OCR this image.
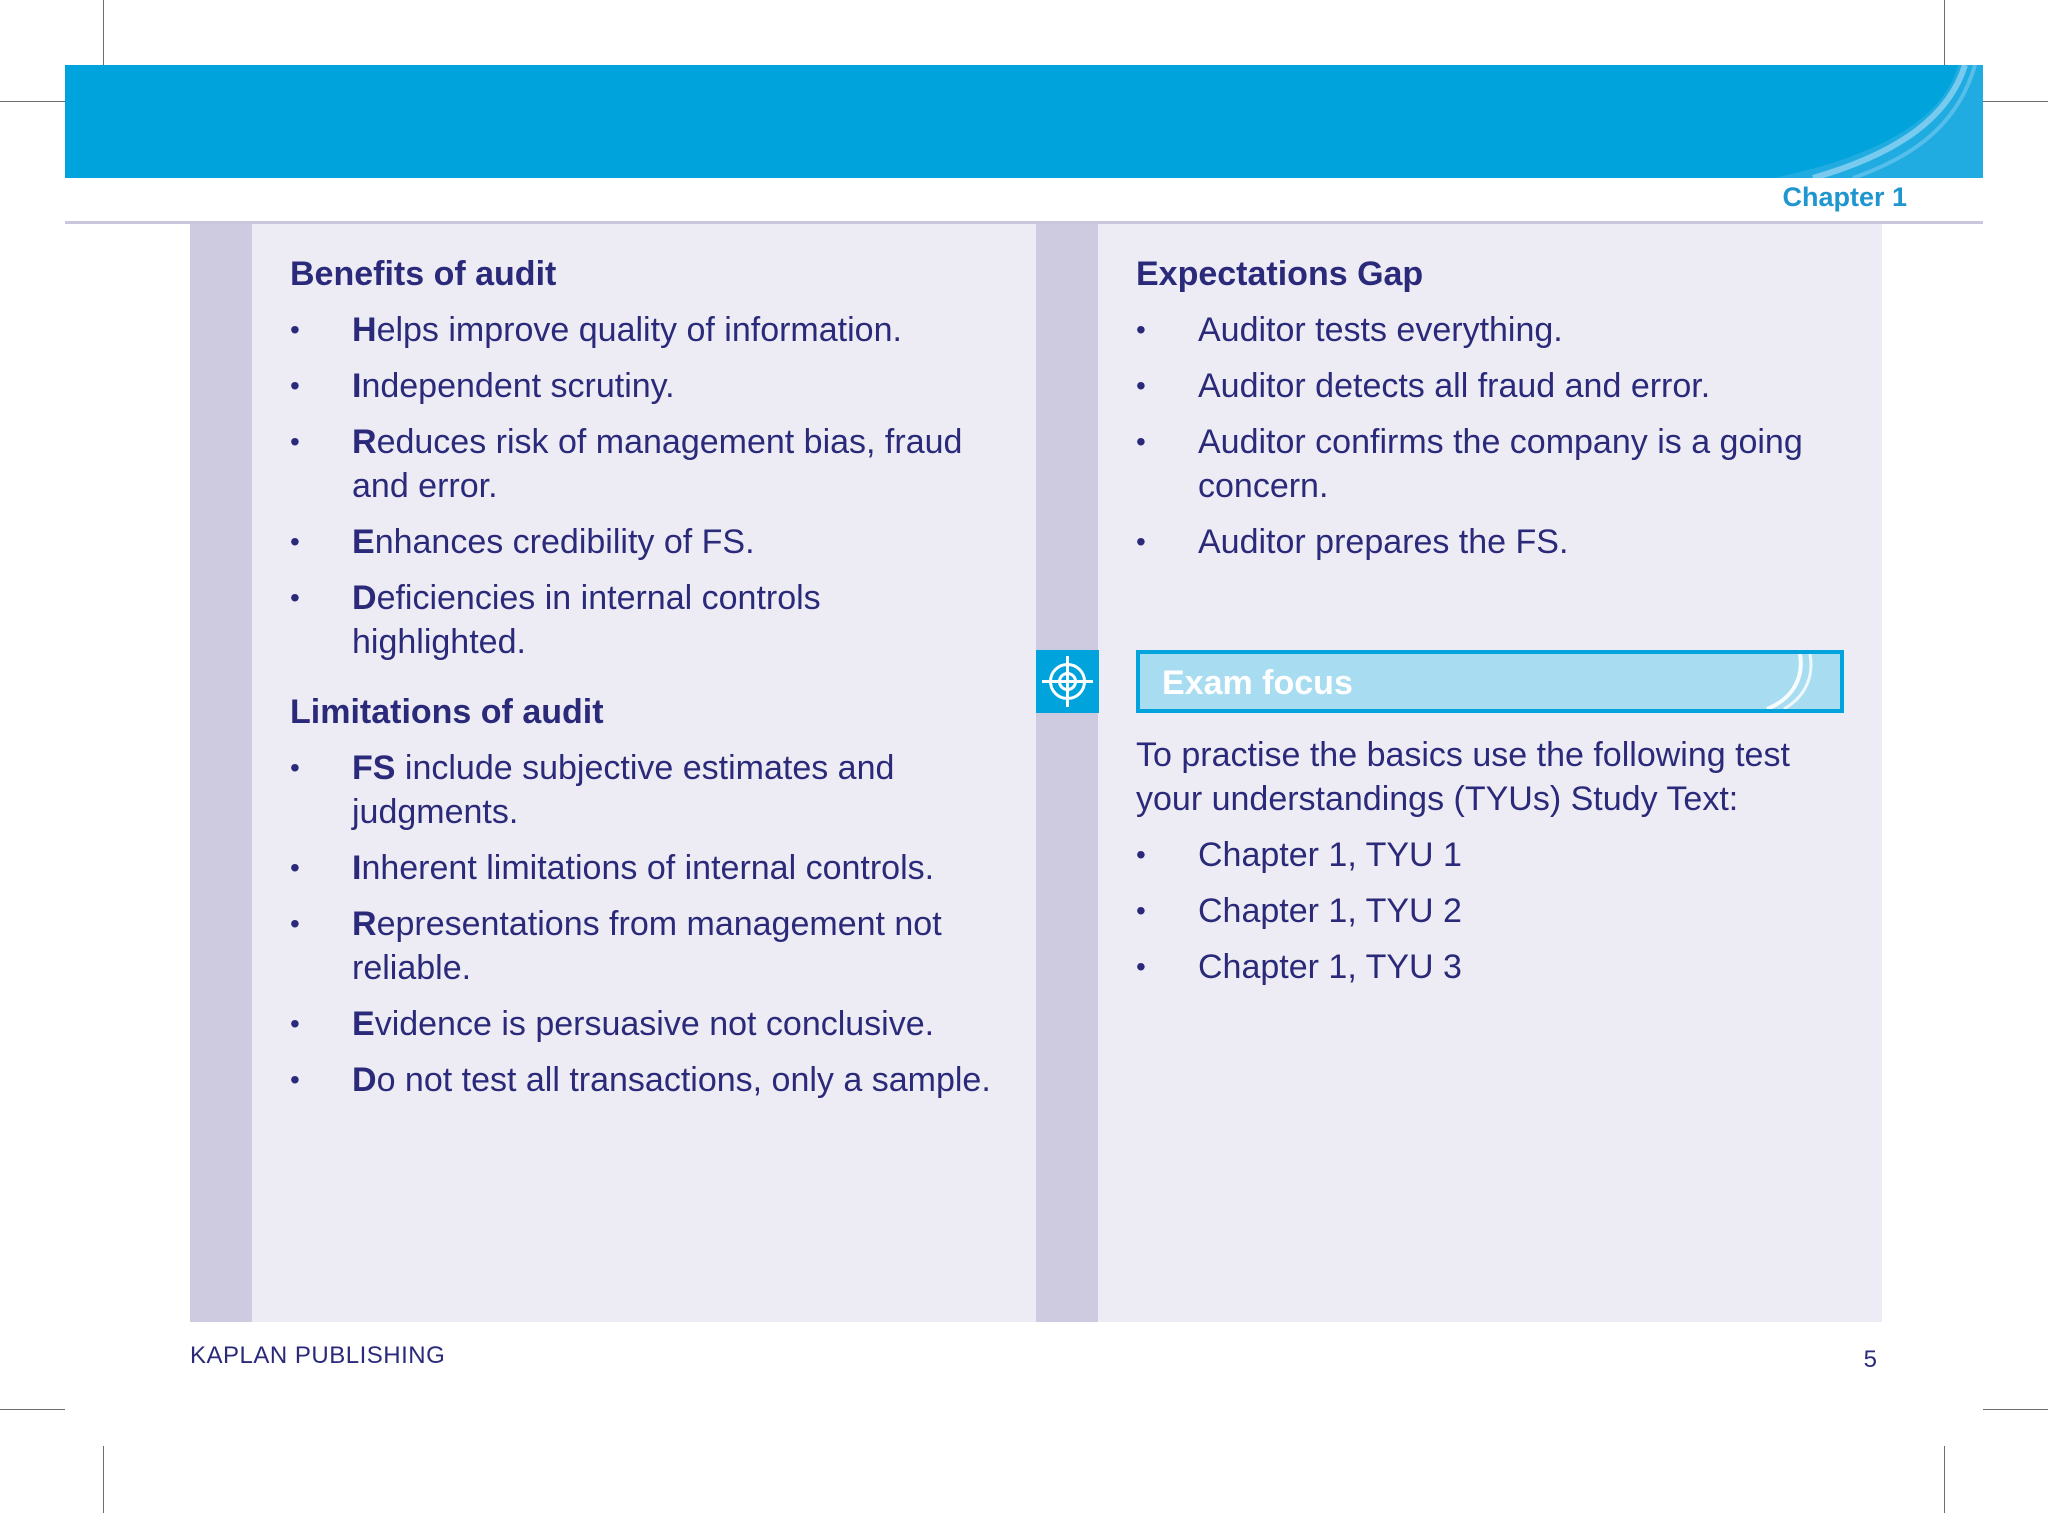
Chapter 1
Benefits of audit
• Helps improve quality of information.
• Independent scrutiny.
• Reduces risk of management bias, fraud and error.
• Enhances credibility of FS.
• Deficiencies in internal controls highlighted.
Limitations of audit
• FS include subjective estimates and judgments.
• Inherent limitations of internal controls.
• Representations from management not reliable.
• Evidence is persuasive not conclusive.
• Do not test all transactions, only a sample.
Expectations Gap
• Auditor tests everything.
• Auditor detects all fraud and error.
• Auditor confirms the company is a going concern.
• Auditor prepares the FS.
Exam focus
To practise the basics use the following test your understandings (TYUs) Study Text:
• Chapter 1, TYU 1
• Chapter 1, TYU 2
• Chapter 1, TYU 3
KAPLAN PUBLISHING	5
